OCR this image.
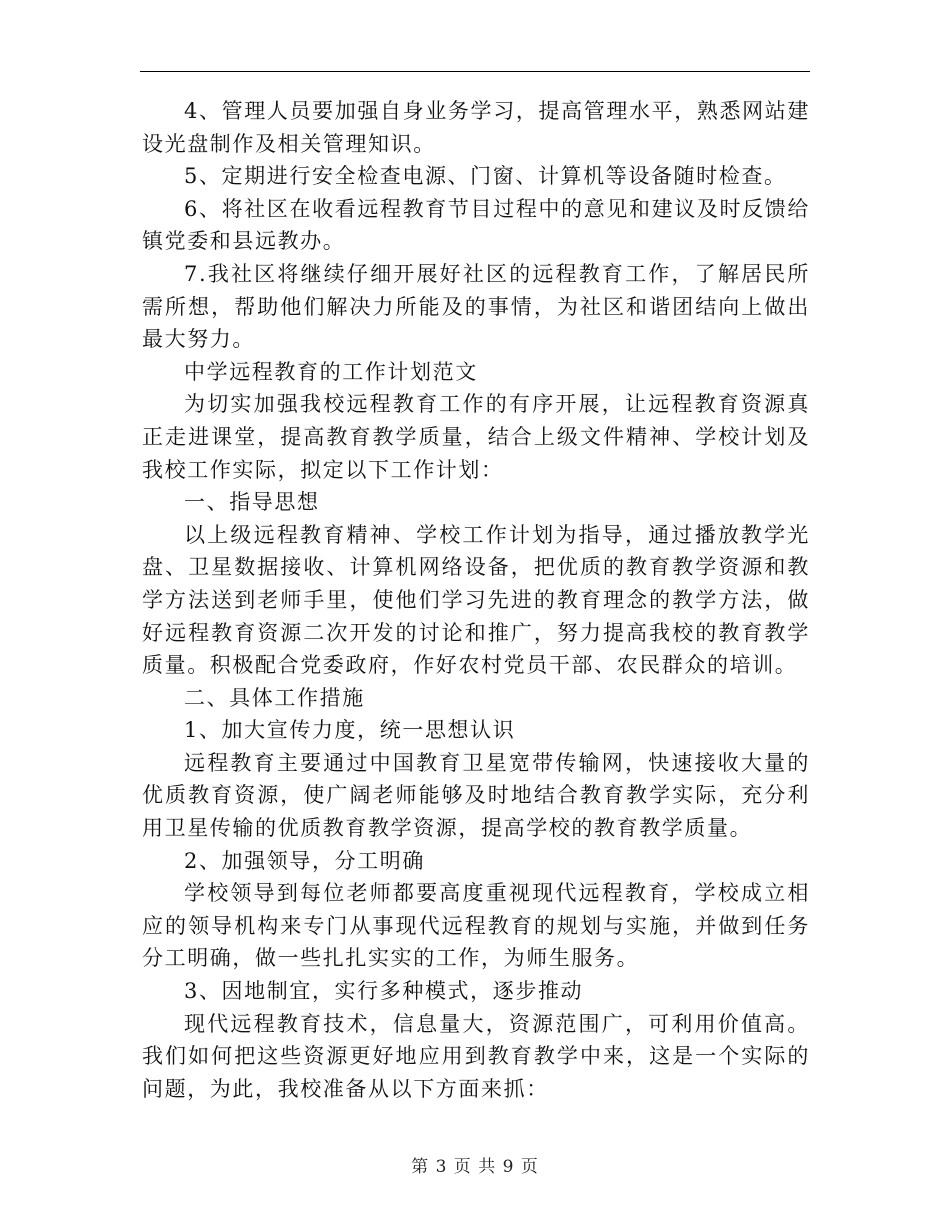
4、管理人员要加强自身业务学习，提高管理水平，熟悉网站建设光盘制作及相关管理知识。

5、定期进行安全检查电源、门窗、计算机等设备随时检查。

6、将社区在收看远程教育节目过程中的意见和建议及时反馈给镇党委和县远教办。

7.我社区将继续仔细开展好社区的远程教育工作，了解居民所需所想，帮助他们解决力所能及的事情，为社区和谐团结向上做出最大努力。

中学远程教育的工作计划范文

为切实加强我校远程教育工作的有序开展，让远程教育资源真正走进课堂，提高教育教学质量，结合上级文件精神、学校计划及我校工作实际，拟定以下工作计划：

一、指导思想

以上级远程教育精神、学校工作计划为指导，通过播放教学光盘、卫星数据接收、计算机网络设备，把优质的教育教学资源和教学方法送到老师手里，使他们学习先进的教育理念的教学方法，做好远程教育资源二次开发的讨论和推广，努力提高我校的教育教学质量。积极配合党委政府，作好农村党员干部、农民群众的培训。

二、具体工作措施

1、加大宣传力度，统一思想认识

远程教育主要通过中国教育卫星宽带传输网，快速接收大量的优质教育资源，使广阔老师能够及时地结合教育教学实际，充分利用卫星传输的优质教育教学资源，提高学校的教育教学质量。

2、加强领导，分工明确

学校领导到每位老师都要高度重视现代远程教育，学校成立相应的领导机构来专门从事现代远程教育的规划与实施，并做到任务分工明确，做一些扎扎实实的工作，为师生服务。

3、因地制宜，实行多种模式，逐步推动

现代远程教育技术，信息量大，资源范围广，可利用价值高。我们如何把这些资源更好地应用到教育教学中来，这是一个实际的问题，为此，我校准备从以下方面来抓：

第 3 页 共 9 页
